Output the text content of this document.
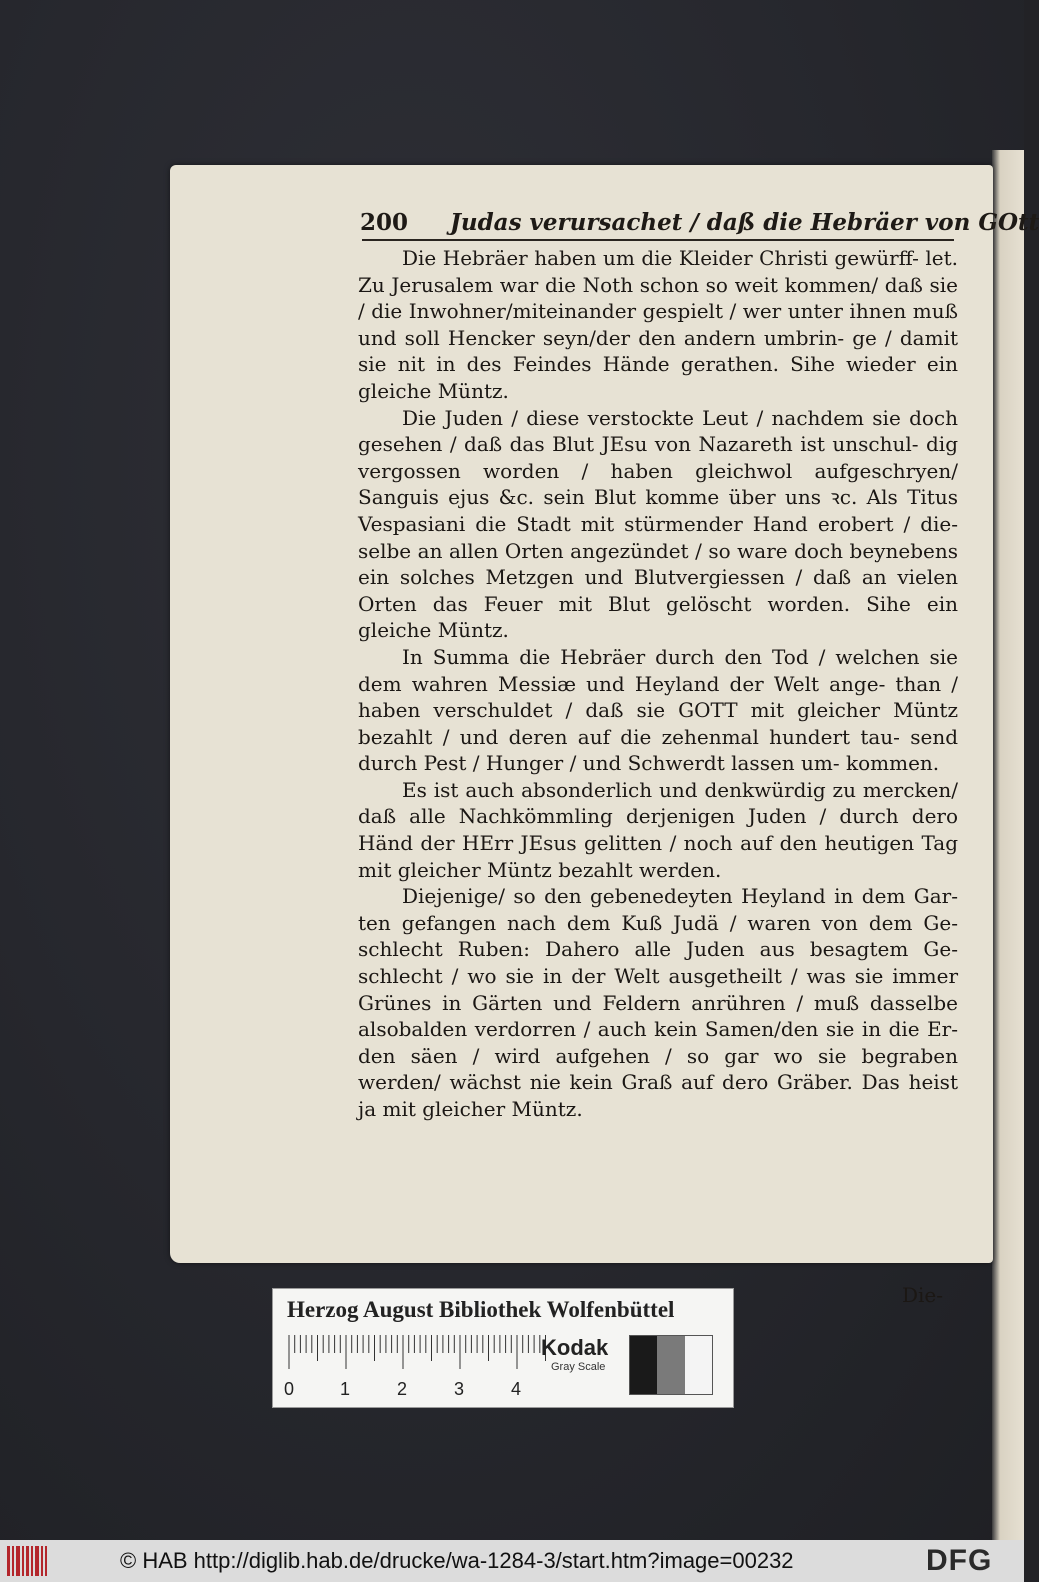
200 Judas verursachet / daß die Hebräer von GOtt

Die Hebräer haben um die Kleider Christi gewürff- let. Zu Jerusalem war die Noth schon so weit kommen/ daß sie / die Inwohner/miteinander gespielt / wer unter ihnen muß und soll Hencker seyn/der den andern umbrin- ge / damit sie nit in des Feindes Hände gerathen. Sihe wieder ein gleiche Müntz.

Die Juden / diese verstockte Leut / nachdem sie doch gesehen / daß das Blut JEsu von Nazareth ist unschul- dig vergossen worden / haben gleichwol aufgeschryen/ Sanguis ejus &c. sein Blut komme über uns ꝛc. Als Titus Vespasiani die Stadt mit stürmender Hand erobert / die- selbe an allen Orten angezündet / so ware doch beynebens ein solches Metzgen und Blutvergiessen / daß an vielen Orten das Feuer mit Blut gelöscht worden. Sihe ein gleiche Müntz.

In Summa die Hebräer durch den Tod / welchen sie dem wahren Messiæ und Heyland der Welt ange- than / haben verschuldet / daß sie GOTT mit gleicher Müntz bezahlt / und deren auf die zehenmal hundert tau- send durch Pest / Hunger / und Schwerdt lassen um- kommen.

Es ist auch absonderlich und denkwürdig zu mercken/ daß alle Nachkömmling derjenigen Juden / durch dero Händ der HErr JEsus gelitten / noch auf den heutigen Tag mit gleicher Müntz bezahlt werden.

Diejenige/ so den gebenedeyten Heyland in dem Gar- ten gefangen nach dem Kuß Judä / waren von dem Ge- schlecht Ruben: Dahero alle Juden aus besagtem Ge- schlecht / wo sie in der Welt ausgetheilt / was sie immer Grünes in Gärten und Feldern anrühren / muß dasselbe alsobalden verdorren / auch kein Samen/den sie in die Er- den säen / wird aufgehen / so gar wo sie begraben werden/ wächst nie kein Graß auf dero Gräber. Das heist ja mit gleicher Müntz.

Die-
Herzog August Bibliothek Wolfenbüttel
0	1	2	3	4
Kodak
Gray Scale
© HAB http://diglib.hab.de/drucke/wa-1284-3/start.htm?image=00232	DFG
